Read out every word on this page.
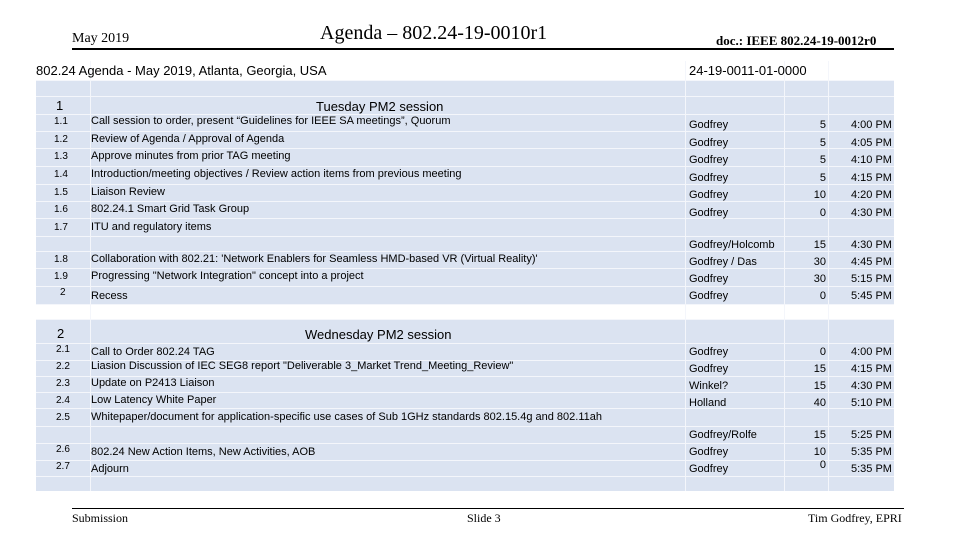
May 2019	Agenda – 802.24-19-0010r1	doc.: IEEE 802.24-19-0012r0
802.24 Agenda - May 2019, Atlanta, Georgia, USA	24-19-0011-01-0000
1	Tuesday PM2 session
1.1 Call session to order, present “Guidelines for IEEE SA meetings”, Quorum	Godfrey	5 4:00 PM
1.2 Review of Agenda / Approval of Agenda	Godfrey	5 4:05 PM
1.3 Approve minutes from prior TAG meeting	Godfrey	5 4:10 PM
1.4 Introduction/meeting objectives / Review action items from previous meeting	Godfrey	5 4:15 PM
1.5 Liaison Review	Godfrey	10 4:20 PM
1.6 802.24.1 Smart Grid Task Group	Godfrey	0 4:30 PM
1.7 ITU and regulatory items
Godfrey/Holcomb	15 4:30 PM
1.8 Collaboration with 802.21: 'Network Enablers for Seamless HMD-based VR (Virtual Reality)'	Godfrey / Das	30 4:45 PM
1.9 Progressing "Network Integration" concept into a project	Godfrey	30 5:15 PM
2 Recess	Godfrey	0 5:45 PM
2	Wednesday PM2 session
2.1 Call to Order 802.24 TAG	Godfrey	0 4:00 PM
2.2 Liasion Discussion of IEC SEG8 report "Deliverable 3_Market Trend_Meeting_Review"	Godfrey	15 4:15 PM
2.3 Update on P2413 Liaison	Winkel?	15 4:30 PM
2.4 Low Latency White Paper	Holland	40 5:10 PM
2.5 Whitepaper/document for application-specific use cases of Sub 1GHz standards 802.15.4g and 802.11ah
Godfrey/Rolfe	15 5:25 PM
2.6 802.24 New Action Items, New Activities, AOB	Godfrey	10 5:35 PM
2.7 Adjourn	Godfrey	0 5:35 PM
Submission	Slide 3	Tim Godfrey, EPRI
